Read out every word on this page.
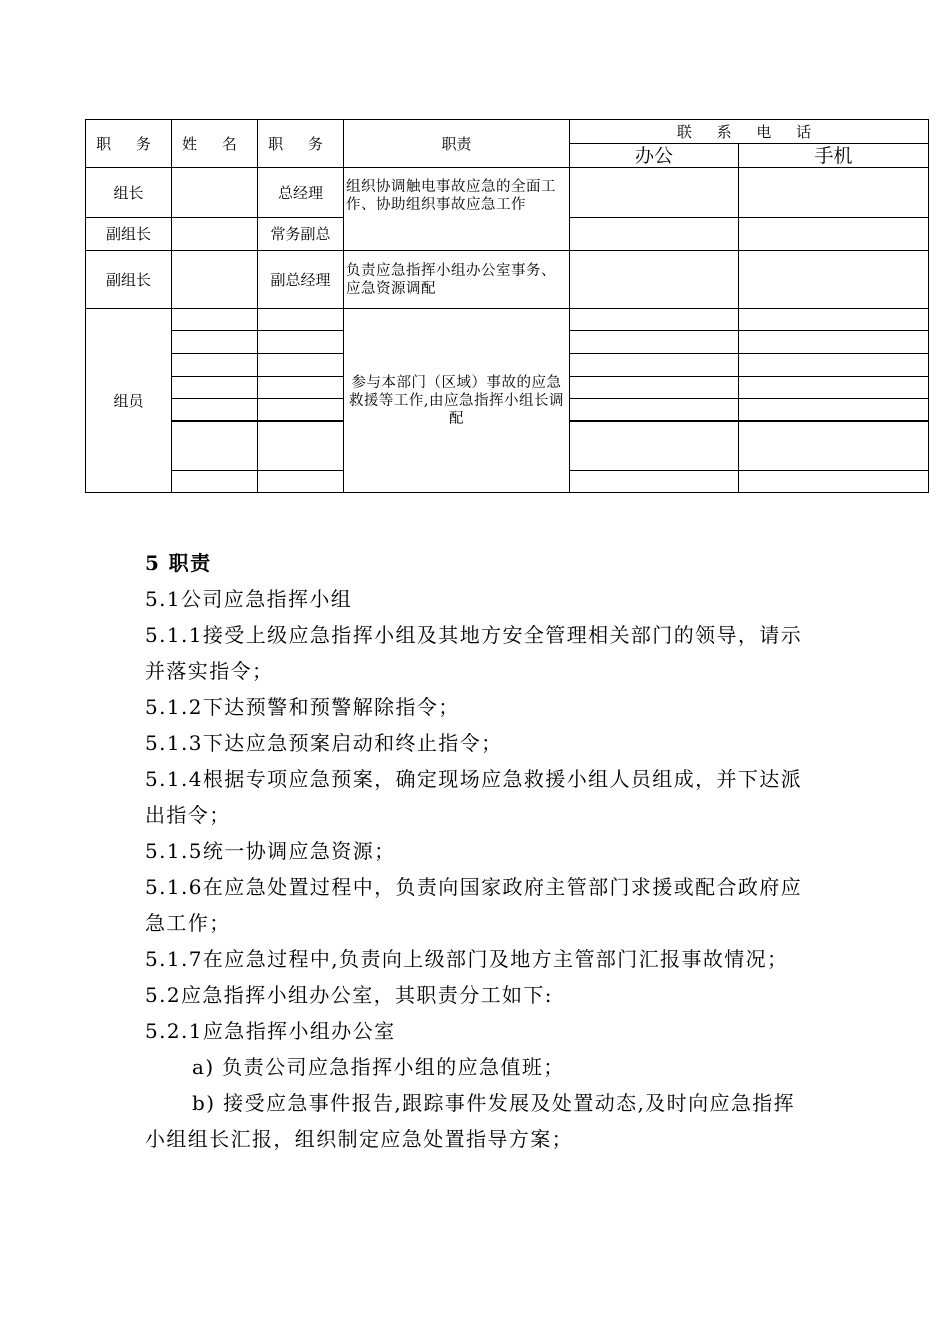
职 务	姓 名	职 务	职责	联 系 电 话	
				办公	手机
组长		总经理	组织协调触电事故应急的全面工作、协助组织事故应急工作		
副组长		常务副总			
副组长		副总经理	负责应急指挥小组办公室事务、应急资源调配		
组员			参与本部门（区域）事故的应急救援等工作,由应急指挥小组长调配		

5 职责

5.1公司应急指挥小组

5.1.1接受上级应急指挥小组及其地方安全管理相关部门的领导，请示并落实指令；

5.1.2下达预警和预警解除指令；

5.1.3下达应急预案启动和终止指令；

5.1.4根据专项应急预案，确定现场应急救援小组人员组成，并下达派出指令；

5.1.5统一协调应急资源；

5.1.6在应急处置过程中，负责向国家政府主管部门求援或配合政府应急工作；

5.1.7在应急过程中,负责向上级部门及地方主管部门汇报事故情况；

5.2应急指挥小组办公室，其职责分工如下:

5.2.1应急指挥小组办公室

a) 负责公司应急指挥小组的应急值班；

b) 接受应急事件报告,跟踪事件发展及处置动态,及时向应急指挥小组组长汇报，组织制定应急处置指导方案；
